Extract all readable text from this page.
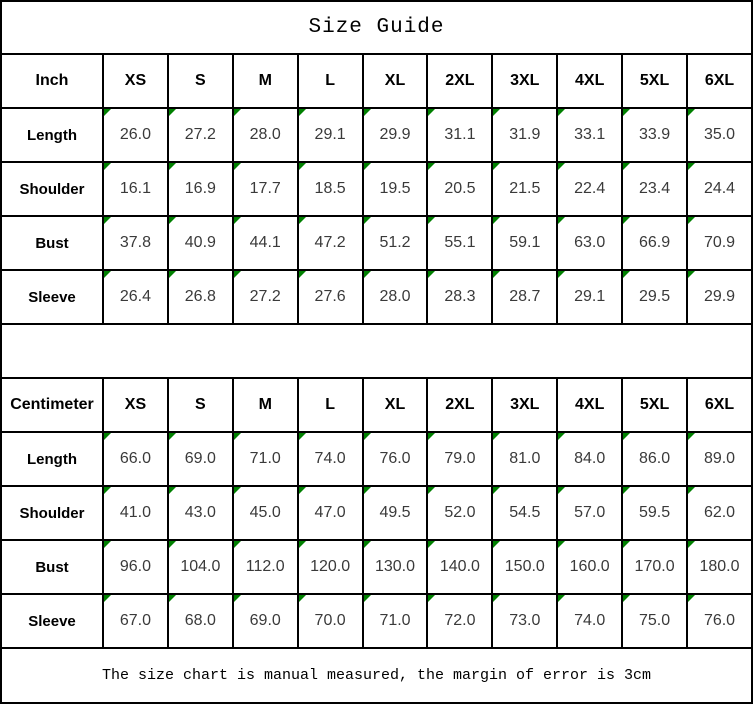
Size Guide										
Inch	XS	S	M	L	XL	2XL	3XL	4XL	5XL	6XL
Length	26.0	27.2	28.0	29.1	29.9	31.1	31.9	33.1	33.9	35.0
Shoulder	16.1	16.9	17.7	18.5	19.5	20.5	21.5	22.4	23.4	24.4
Bust	37.8	40.9	44.1	47.2	51.2	55.1	59.1	63.0	66.9	70.9
Sleeve	26.4	26.8	27.2	27.6	28.0	28.3	28.7	29.1	29.5	29.9

Centimeter	XS	S	M	L	XL	2XL	3XL	4XL	5XL	6XL
Length	66.0	69.0	71.0	74.0	76.0	79.0	81.0	84.0	86.0	89.0
Shoulder	41.0	43.0	45.0	47.0	49.5	52.0	54.5	57.0	59.5	62.0
Bust	96.0	104.0	112.0	120.0	130.0	140.0	150.0	160.0	170.0	180.0
Sleeve	67.0	68.0	69.0	70.0	71.0	72.0	73.0	74.0	75.0	76.0
The size chart is manual measured, the margin of error is 3cm										
